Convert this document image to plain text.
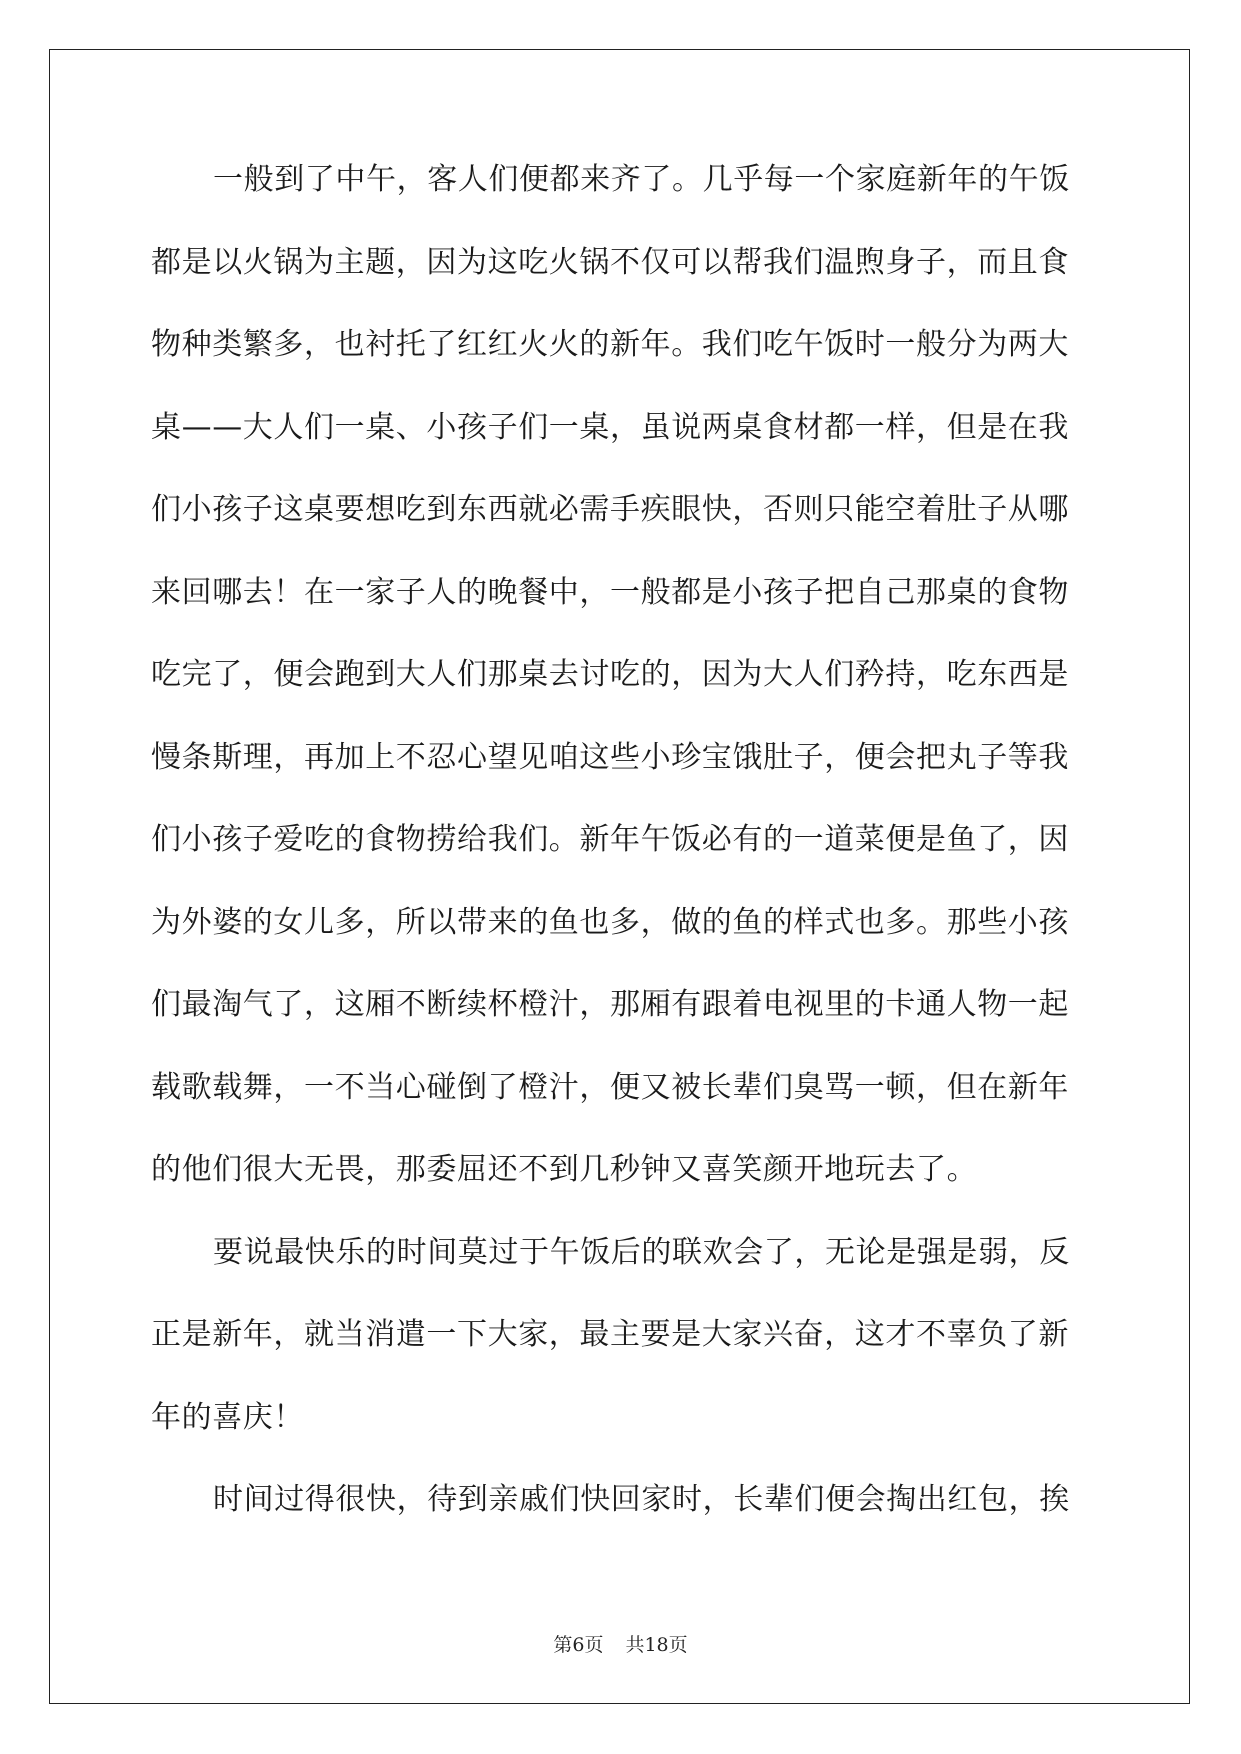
一般到了中午，客人们便都来齐了。几乎每一个家庭新年的午饭
都是以火锅为主题，因为这吃火锅不仅可以帮我们温煦身子，而且食
物种类繁多，也衬托了红红火火的新年。我们吃午饭时一般分为两大
桌——大人们一桌、小孩子们一桌，虽说两桌食材都一样，但是在我
们小孩子这桌要想吃到东西就必需手疾眼快，否则只能空着肚子从哪
来回哪去！在一家子人的晚餐中，一般都是小孩子把自己那桌的食物
吃完了，便会跑到大人们那桌去讨吃的，因为大人们矜持，吃东西是
慢条斯理，再加上不忍心望见咱这些小珍宝饿肚子，便会把丸子等我
们小孩子爱吃的食物捞给我们。新年午饭必有的一道菜便是鱼了，因
为外婆的女儿多，所以带来的鱼也多，做的鱼的样式也多。那些小孩
们最淘气了，这厢不断续杯橙汁，那厢有跟着电视里的卡通人物一起
载歌载舞，一不当心碰倒了橙汁，便又被长辈们臭骂一顿，但在新年
的他们很大无畏，那委屈还不到几秒钟又喜笑颜开地玩去了。
要说最快乐的时间莫过于午饭后的联欢会了，无论是强是弱，反
正是新年，就当消遣一下大家，最主要是大家兴奋，这才不辜负了新
年的喜庆！
时间过得很快，待到亲戚们快回家时，长辈们便会掏出红包，挨
第6页 共18页
